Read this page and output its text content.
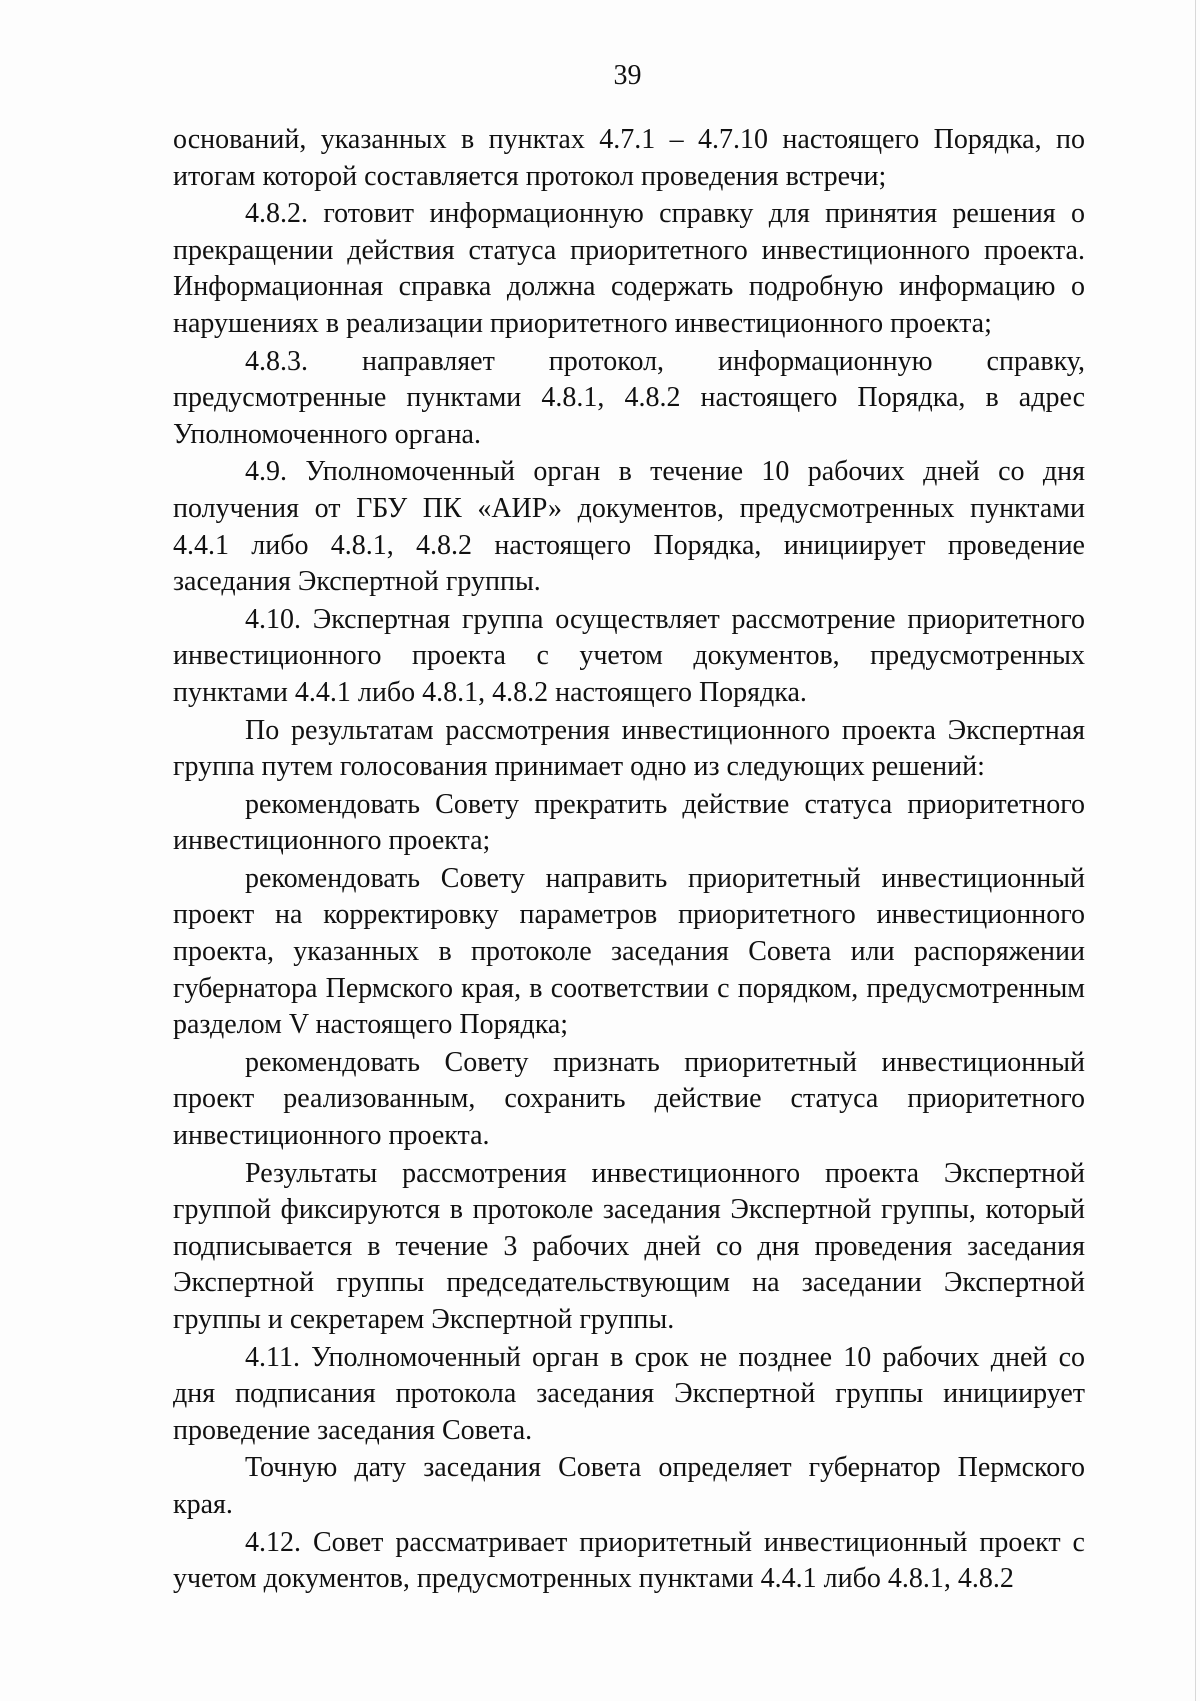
39

оснований, указанных в пунктах 4.7.1 – 4.7.10 настоящего Порядка, по итогам которой составляется протокол проведения встречи;

4.8.2. готовит информационную справку для принятия решения о прекращении действия статуса приоритетного инвестиционного проекта. Информационная справка должна содержать подробную информацию о нарушениях в реализации приоритетного инвестиционного проекта;

4.8.3. направляет протокол, информационную справку, предусмотренные пунктами 4.8.1, 4.8.2 настоящего Порядка, в адрес Уполномоченного органа.

4.9. Уполномоченный орган в течение 10 рабочих дней со дня получения от ГБУ ПК «АИР» документов, предусмотренных пунктами 4.4.1 либо 4.8.1, 4.8.2 настоящего Порядка, инициирует проведение заседания Экспертной группы.

4.10. Экспертная группа осуществляет рассмотрение приоритетного инвестиционного проекта с учетом документов, предусмотренных пунктами 4.4.1 либо 4.8.1, 4.8.2 настоящего Порядка.

По результатам рассмотрения инвестиционного проекта Экспертная группа путем голосования принимает одно из следующих решений:

рекомендовать Совету прекратить действие статуса приоритетного инвестиционного проекта;

рекомендовать Совету направить приоритетный инвестиционный проект на корректировку параметров приоритетного инвестиционного проекта, указанных в протоколе заседания Совета или распоряжении губернатора Пермского края, в соответствии с порядком, предусмотренным разделом V настоящего Порядка;

рекомендовать Совету признать приоритетный инвестиционный проект реализованным, сохранить действие статуса приоритетного инвестиционного проекта.

Результаты рассмотрения инвестиционного проекта Экспертной группой фиксируются в протоколе заседания Экспертной группы, который подписывается в течение 3 рабочих дней со дня проведения заседания Экспертной группы председательствующим на заседании Экспертной группы и секретарем Экспертной группы.

4.11. Уполномоченный орган в срок не позднее 10 рабочих дней со дня подписания протокола заседания Экспертной группы инициирует проведение заседания Совета.

Точную дату заседания Совета определяет губернатор Пермского края.

4.12. Совет рассматривает приоритетный инвестиционный проект с учетом документов, предусмотренных пунктами 4.4.1 либо 4.8.1, 4.8.2
